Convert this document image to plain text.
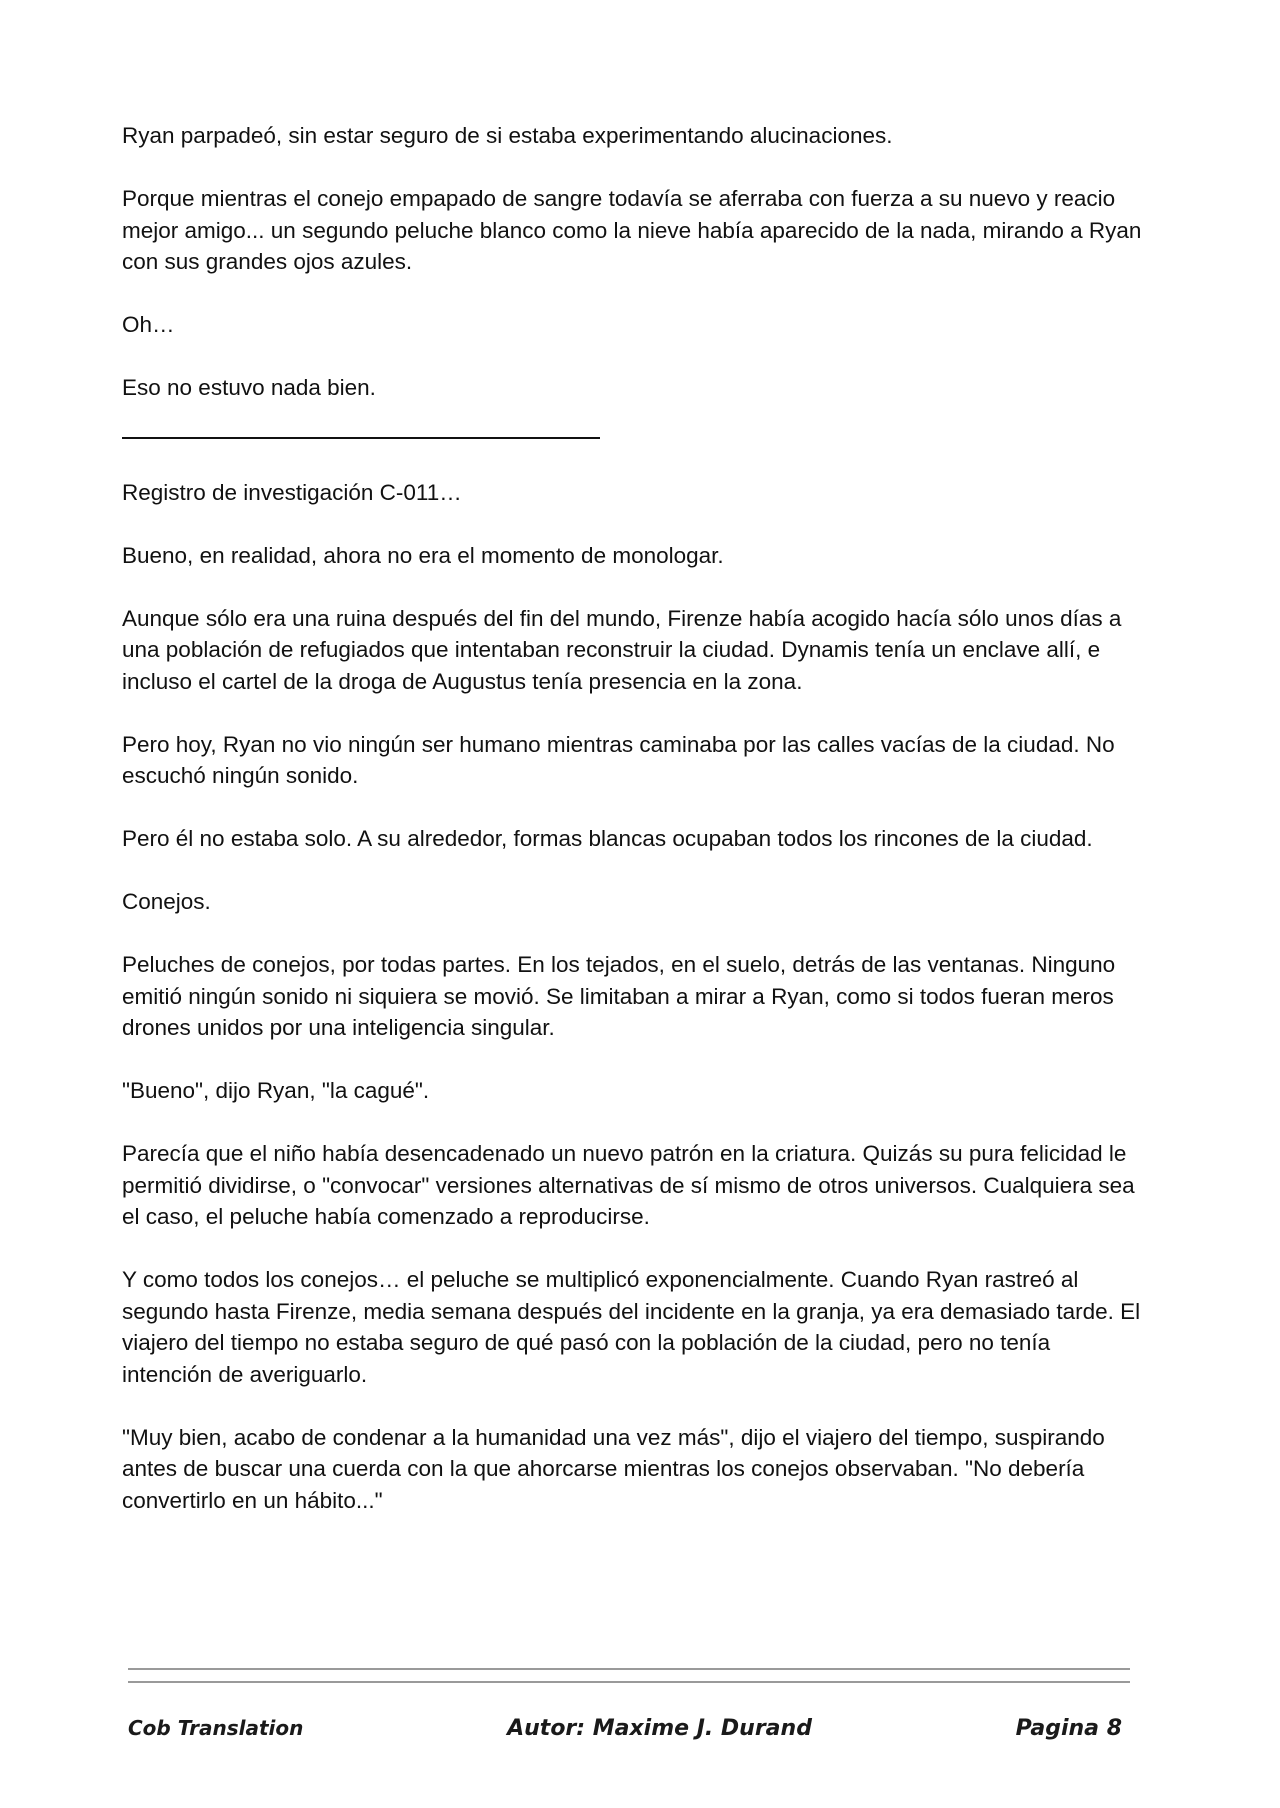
Ryan parpadeó, sin estar seguro de si estaba experimentando alucinaciones.

Porque mientras el conejo empapado de sangre todavía se aferraba con fuerza a su nuevo y reacio mejor amigo... un segundo peluche blanco como la nieve había aparecido de la nada, mirando a Ryan con sus grandes ojos azules.

Oh…

Eso no estuvo nada bien.

Registro de investigación C-011…

Bueno, en realidad, ahora no era el momento de monologar.

Aunque sólo era una ruina después del fin del mundo, Firenze había acogido hacía sólo unos días a una población de refugiados que intentaban reconstruir la ciudad. Dynamis tenía un enclave allí, e incluso el cartel de la droga de Augustus tenía presencia en la zona.

Pero hoy, Ryan no vio ningún ser humano mientras caminaba por las calles vacías de la ciudad. No escuchó ningún sonido.

Pero él no estaba solo. A su alrededor, formas blancas ocupaban todos los rincones de la ciudad.

Conejos.

Peluches de conejos, por todas partes. En los tejados, en el suelo, detrás de las ventanas. Ninguno emitió ningún sonido ni siquiera se movió. Se limitaban a mirar a Ryan, como si todos fueran meros drones unidos por una inteligencia singular.

"Bueno", dijo Ryan, "la cagué".

Parecía que el niño había desencadenado un nuevo patrón en la criatura. Quizás su pura felicidad le permitió dividirse, o "convocar" versiones alternativas de sí mismo de otros universos. Cualquiera sea el caso, el peluche había comenzado a reproducirse.

Y como todos los conejos… el peluche se multiplicó exponencialmente. Cuando Ryan rastreó al segundo hasta Firenze, media semana después del incidente en la granja, ya era demasiado tarde. El viajero del tiempo no estaba seguro de qué pasó con la población de la ciudad, pero no tenía intención de averiguarlo.

"Muy bien, acabo de condenar a la humanidad una vez más", dijo el viajero del tiempo, suspirando antes de buscar una cuerda con la que ahorcarse mientras los conejos observaban. "No debería convertirlo en un hábito..."

Cob Translation	Autor: Maxime J. Durand	Pagina 8
